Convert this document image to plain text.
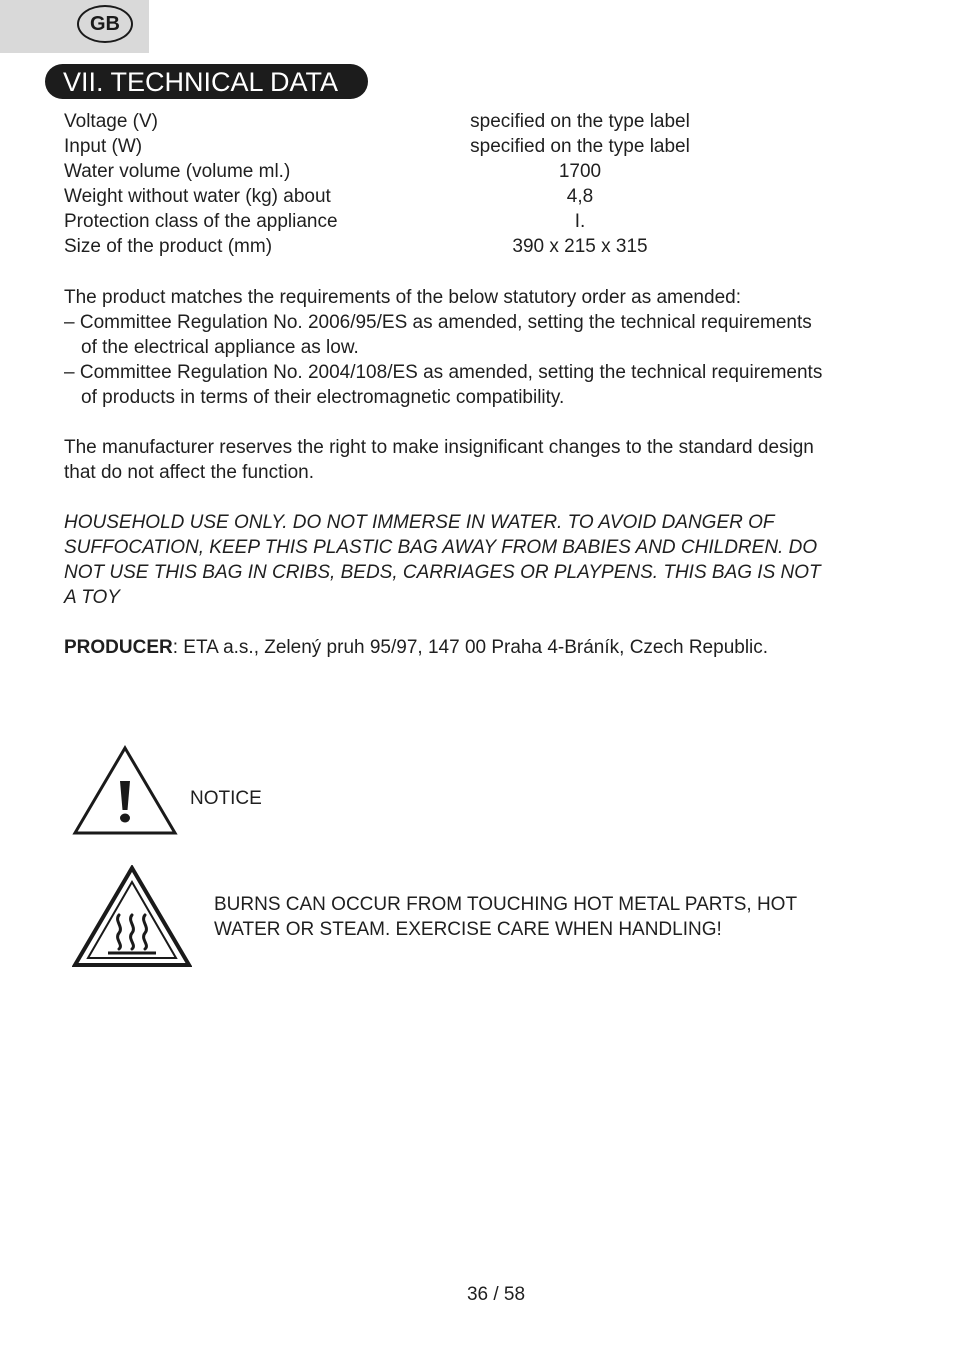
GB
VII. TECHNICAL DATA
Voltage (V)	specified on the type label
Input (W)	specified on the type label
Water volume (volume ml.)	1700
Weight without water (kg) about	4,8
Protection class of the appliance	I.
Size of the product (mm)	390 x 215 x 315
The product matches the requirements of the below statutory order as amended:
– Committee Regulation No. 2006/95/ES as amended, setting the technical requirements
of the electrical appliance as low.
– Committee Regulation No. 2004/108/ES as amended, setting the technical requirements
of products in terms of their electromagnetic compatibility.
The manufacturer reserves the right to make insignificant changes to the standard design
that do not affect the function.
HOUSEHOLD USE ONLY. DO NOT IMMERSE IN WATER. TO AVOID DANGER OF
SUFFOCATION, KEEP THIS PLASTIC BAG AWAY FROM BABIES AND CHILDREN. DO
NOT USE THIS BAG IN CRIBS, BEDS, CARRIAGES OR PLAYPENS. THIS BAG IS NOT
A TOY
PRODUCER: ETA a.s., Zelený pruh 95/97, 147 00 Praha 4-Bráník, Czech Republic.
NOTICE
BURNS CAN OCCUR FROM TOUCHING HOT METAL PARTS, HOT
WATER OR STEAM. EXERCISE CARE WHEN HANDLING!
36 / 58
